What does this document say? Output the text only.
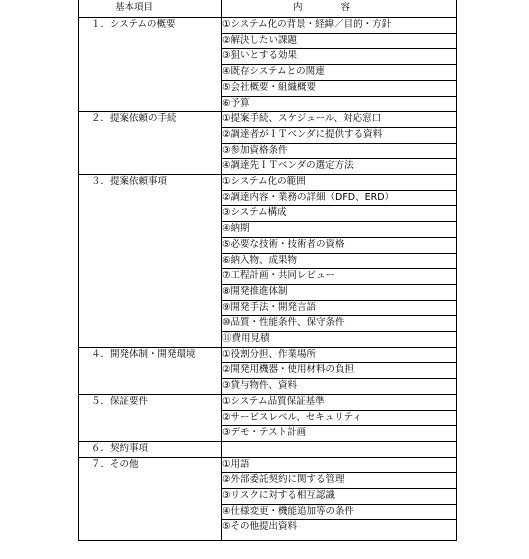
基本項目	内　　　　容
１．システムの概要	①システム化の背景・経緯／目的・方針
②解決したい課題
③狙いとする効果
④既存システムとの関連
⑤会社概要・組織概要
⑥予算
２．提案依頼の手続	①提案手続、スケジュール、対応窓口
②調達者がＩＴベンダに提供する資料
③参加資格条件
④調達先ＩＴベンダの選定方法
３．提案依頼事項	①システム化の範囲
②調達内容・業務の詳細（DFD、ERD）
③システム構成
④納期
⑤必要な技術・技術者の資格
⑥納入物、成果物
⑦工程計画・共同レビュー
⑧開発推進体制
⑨開発手法・開発言語
⑩品質・性能条件、保守条件
⑪費用見積
４．開発体制・開発環境	①役割分担、作業場所
②開発用機器・使用材料の負担
③貸与物件、資料
５．保証要件	①システム品質保証基準
②サービスレベル、セキュリティ
③デモ・テスト計画
６．契約事項
７．その他	①用語
②外部委託契約に関する管理
③リスクに対する相互認識
④仕様変更・機能追加等の条件
⑤その他提出資料
